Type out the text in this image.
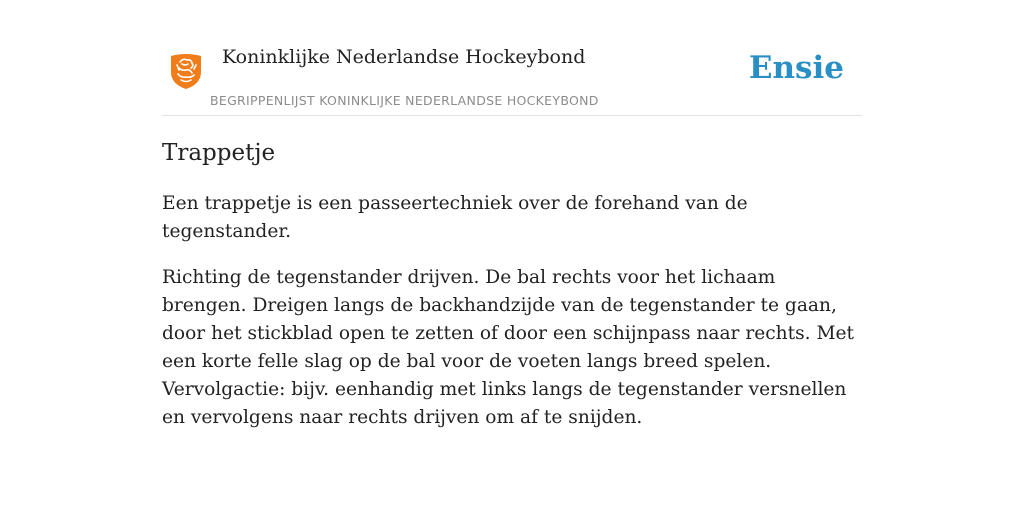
Koninklijke Nederlandse Hockeybond
BEGRIPPENLIJST KONINKLIJKE NEDERLANDSE HOCKEYBOND
Ensie
Trappetje

Een trappetje is een passeertechniek over de forehand van de tegenstander.

Richting de tegenstander drijven. De bal rechts voor het lichaam brengen. Dreigen langs de backhandzijde van de tegenstander te gaan, door het stickblad open te zetten of door een schijnpass naar rechts. Met een korte felle slag op de bal voor de voeten langs breed spelen. Vervolgactie: bijv. eenhandig met links langs de tegenstander versnellen en vervolgens naar rechts drijven om af te snijden.
